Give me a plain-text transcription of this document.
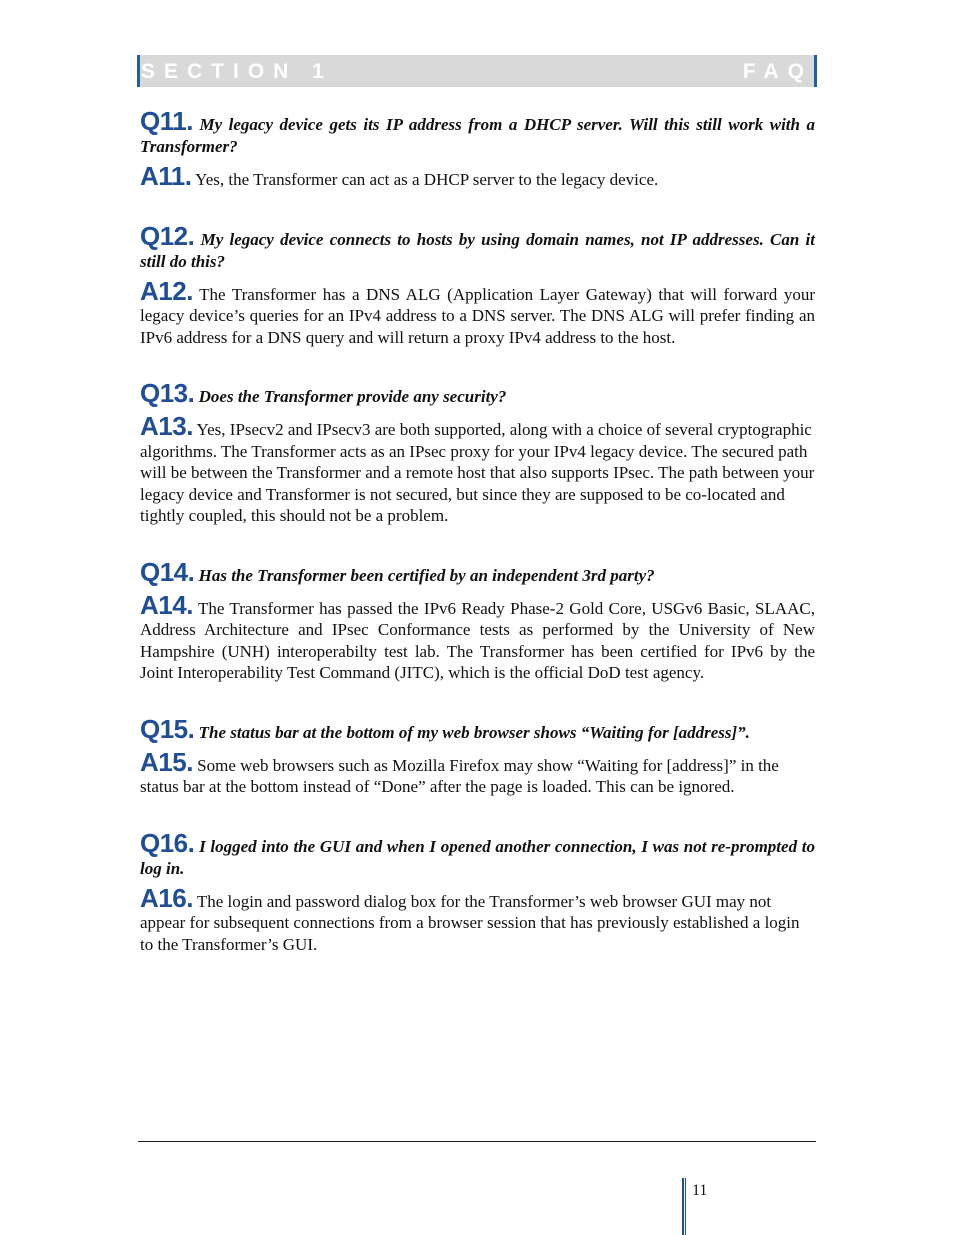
SECTION 1	FAQ

Q11. My legacy device gets its IP address from a DHCP server. Will this still work with a Transformer?

A11. Yes, the Transformer can act as a DHCP server to the legacy device.

Q12. My legacy device connects to hosts by using domain names, not IP addresses. Can it still do this?

A12. The Transformer has a DNS ALG (Application Layer Gateway) that will forward your legacy device’s queries for an IPv4 address to a DNS server. The DNS ALG will prefer finding an IPv6 address for a DNS query and will return a proxy IPv4 address to the host.

Q13. Does the Transformer provide any security?

A13. Yes, IPsecv2 and IPsecv3 are both supported, along with a choice of several cryptographic algorithms. The Transformer acts as an IPsec proxy for your IPv4 legacy device. The secured path will be between the Transformer and a remote host that also supports IPsec. The path between your legacy device and Transformer is not secured, but since they are supposed to be co-located and tightly coupled, this should not be a problem.

Q14. Has the Transformer been certified by an independent 3rd party?

A14. The Transformer has passed the IPv6 Ready Phase-2 Gold Core, USGv6 Basic, SLAAC, Address Architecture and IPsec Conformance tests as performed by the University of New Hampshire (UNH) interoperabilty test lab. The Transformer has been certified for IPv6 by the Joint Interoperability Test Command (JITC), which is the official DoD test agency.

Q15. The status bar at the bottom of my web browser shows “Waiting for [address]”.

A15. Some web browsers such as Mozilla Firefox may show “Waiting for [address]” in the status bar at the bottom instead of “Done” after the page is loaded. This can be ignored.

Q16. I logged into the GUI and when I opened another connection, I was not re-prompted to log in.

A16. The login and password dialog box for the Transformer’s web browser GUI may not appear for subsequent connections from a browser session that has previously established a login to the Transformer’s GUI.

11
